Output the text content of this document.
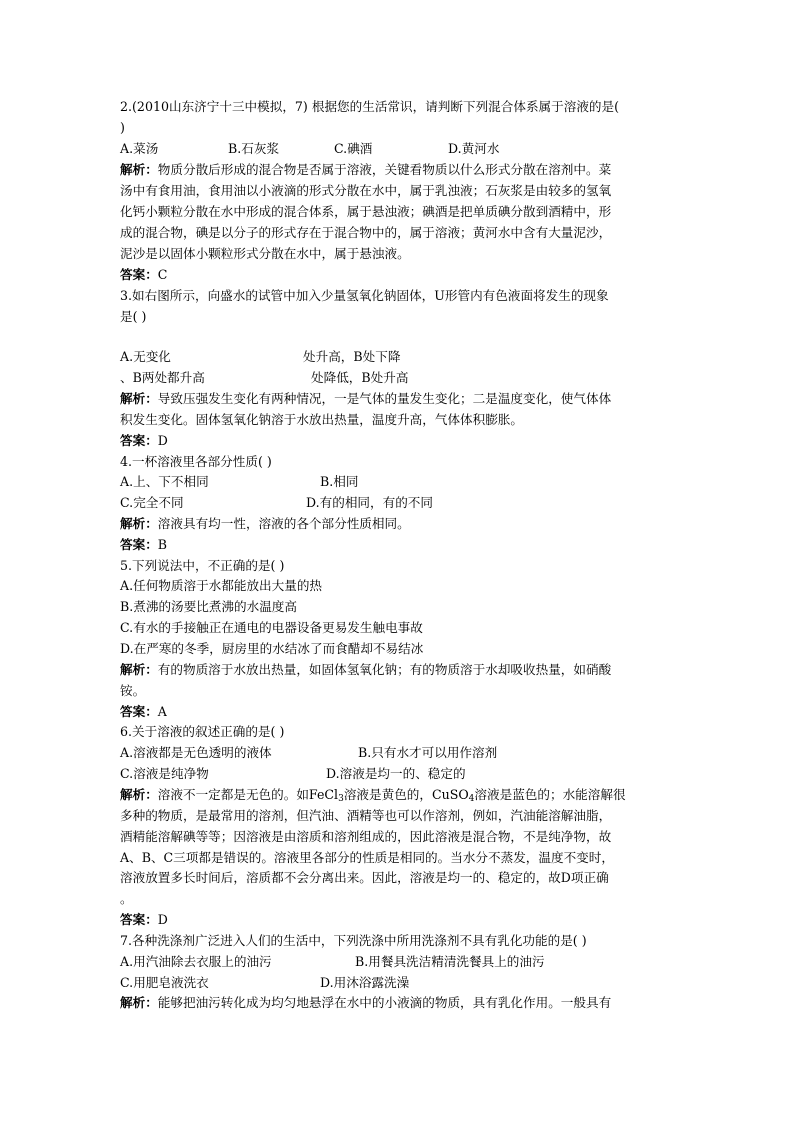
2.(2010山东济宁十三中模拟，7) 根据您的生活常识，请判断下列混合体系属于溶液的是(
)
A.菜汤	B.石灰浆	C.碘酒	D.黄河水
解析：物质分散后形成的混合物是否属于溶液，关键看物质以什么形式分散在溶剂中。菜
汤中有食用油，食用油以小液滴的形式分散在水中，属于乳浊液；石灰浆是由较多的氢氧
化钙小颗粒分散在水中形成的混合体系，属于悬浊液；碘酒是把单质碘分散到酒精中，形
成的混合物，碘是以分子的形式存在于混合物中的，属于溶液；黄河水中含有大量泥沙，
泥沙是以固体小颗粒形式分散在水中，属于悬浊液。
答案：C
3.如右图所示，向盛水的试管中加入少量氢氧化钠固体，U形管内有色液面将发生的现象
是( )
A.无变化	处升高，B处下降
、B两处都升高	处降低，B处升高
解析：导致压强发生变化有两种情况，一是气体的量发生变化；二是温度变化，使气体体
积发生变化。固体氢氧化钠溶于水放出热量，温度升高，气体体积膨胀。
答案：D
4.一杯溶液里各部分性质( )
A.上、下不相同	B.相同
C.完全不同	D.有的相同，有的不同
解析：溶液具有均一性，溶液的各个部分性质相同。
答案：B
5.下列说法中，不正确的是( )
A.任何物质溶于水都能放出大量的热
B.煮沸的汤要比煮沸的水温度高
C.有水的手接触正在通电的电器设备更易发生触电事故
D.在严寒的冬季，厨房里的水结冰了而食醋却不易结冰
解析：有的物质溶于水放出热量，如固体氢氧化钠；有的物质溶于水却吸收热量，如硝酸
铵。
答案：A
6.关于溶液的叙述正确的是( )
A.溶液都是无色透明的液体	B.只有水才可以用作溶剂
C.溶液是纯净物	D.溶液是均一的、稳定的
解析：溶液不一定都是无色的。如FeCl$_3$溶液是黄色的，CuSO$_4$溶液是蓝色的；水能溶解很
多种的物质，是最常用的溶剂，但汽油、酒精等也可以作溶剂，例如，汽油能溶解油脂，
酒精能溶解碘等等；因溶液是由溶质和溶剂组成的，因此溶液是混合物，不是纯净物，故
A、B、C三项都是错误的。溶液里各部分的性质是相同的。当水分不蒸发，温度不变时，
溶液放置多长时间后，溶质都不会分离出来。因此，溶液是均一的、稳定的，故D项正确
。
答案：D
7.各种洗涤剂广泛进入人们的生活中，下列洗涤中所用洗涤剂不具有乳化功能的是( )
A.用汽油除去衣服上的油污	B.用餐具洗洁精清洗餐具上的油污
C.用肥皂液洗衣	D.用沐浴露洗澡
解析：能够把油污转化成为均匀地悬浮在水中的小液滴的物质，具有乳化作用。一般具有
